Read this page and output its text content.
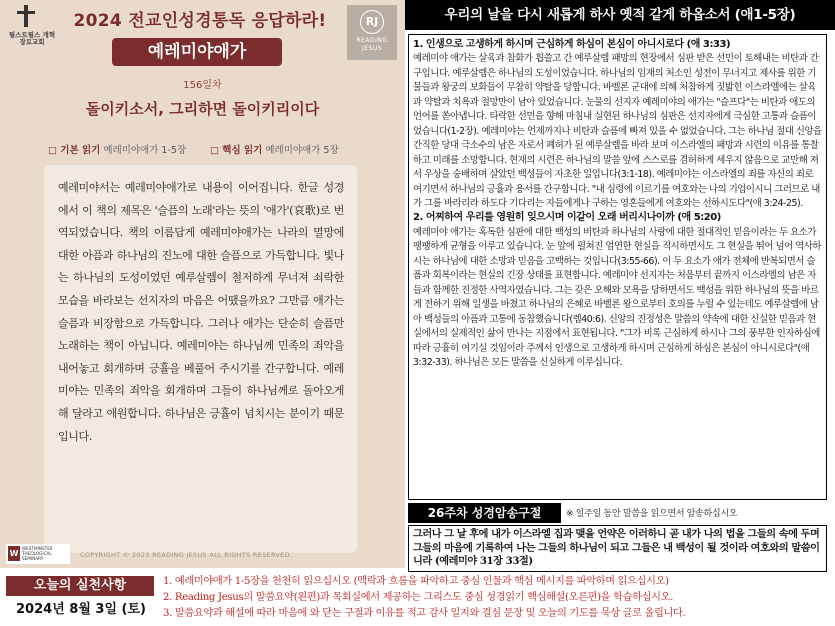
필스트필스 개혁장로교회
2024 전교인성경통독 응답하라!
예레미야애가
RJ
READING JESUS
156일차
돌이키소서, 그리하면 돌이키리이다
□ 기본 읽기 예레미야애가 1-5장	□ 핵심 읽기 예레미야애가 5장
예레미야서는 예레미야애가로 내용이 이어집니다. 한글 성경에서 이 책의 제목은 '슬픔의 노래'라는 뜻의 '애가'(哀歌)로 번역되었습니다. 책의 이름답게 예레미야애가는 나라의 멸망에 대한 아픔과 하나님의 진노에 대한 슬픔으로 가득합니다. 빛나는 하나님의 도성이었던 예루살렘이 철저하게 무너져 쇠락한 모습을 바라보는 선지자의 마음은 어땠을까요? 그만큼 애가는 슬픔과 비장함으로 가득합니다. 그러나 애가는 단순히 슬픔만 노래하는 책이 아닙니다. 예레미야는 하나님께 민족의 죄악을 내어놓고 회개하며 긍휼을 베풀어 주시기를 간구합니다. 예레미야는 민족의 죄악을 회개하며 그들이 하나님께로 돌아오게 해 달라고 애원합니다. 하나님은 긍휼이 넘치시는 분이기 때문입니다.
W
WESTMINSTER THEOLOGICAL SEMINARY	COPYRIGHT © 2023 READING JESUS ALL RIGHTS RESERVED.
우리의 날을 다시 새롭게 하사 옛적 같게 하옵소서 (애1-5장)

1. 인생으로 고생하게 하시며 근심하게 하심이 본심이 아니시로다 (애 3:33)
예레미야 애가는 살육과 참화가 휩쓸고 간 예루살렘 패망의 현장에서 심판 받은 선민이 토해내는 비탄과 간구입니다. 예루살렘은 하나님의 도성이었습니다. 하나님의 임재의 처소인 성전이 무너지고 제사를 위한 기물들과 왕궁의 보화들이 무참히 약탈을 당합니다. 바벨론 군대에 의해 처참하게 짓밟힌 이스라엘에는 살육과 약탈과 치욕과 절망만이 남아 있었습니다. 눈물의 선지자 예레미야의 애가는 "슬프다"는 비탄과 애도의 언어를 쏟아냅니다. 타락한 선민을 향해 마침내 실현된 하나님의 심판은 선지자에게 극심한 고통과 슬픔이었습니다(1-2장). 예레미야는 언제까지나 비탄과 슬픔에 빠져 있을 수 없었습니다. 그는 하나님 절대 신앙을 간직한 당대 극소수의 남은 자로서 폐허가 된 예루살렘을 바라 보며 이스라엘의 패망과 시련의 이유를 통찰하고 미래를 소망합니다. 현재의 시련은 하나님의 말씀 앞에 스스로를 겸허하게 세우지 않음으로 교만해 져서 우상을 숭배하며 살았던 백성들이 자초한 일입니다(3:1-18). 예레미야는 이스라엘의 죄를 자신의 죄로 여기면서 하나님의 긍휼과 용서를 간구합니다. "내 심령에 이르기를 여호와는 나의 기업이시니 그러므로 내가 그를 바라리라 하도다 기다리는 자들에게나 구하는 영혼들에게 여호와는 선하시도다"(애 3:24-25).

2. 어찌하여 우리를 영원히 잊으시며 이같이 오래 버리시나이까 (애 5:20)
예레미야 애가는 혹독한 심판에 대한 백성의 비탄과 하나님의 사랑에 대한 절대적인 믿음이라는 두 요소가 팽팽하게 균형을 이루고 있습니다. 눈 앞에 펼쳐진 엄연한 현실을 직시하면서도 그 현실을 뛰어 넘어 역사하시는 하나님에 대한 소망과 믿음을 고백하는 것입니다(3:55-66). 이 두 요소가 애가 전체에 반복되면서 슬픔과 회복이라는 현실의 긴장 상태를 표현합니다. 예레미야 선지자는 처음부터 끝까지 이스라엘의 남은 자들과 함께한 진정한 사역자였습니다. 그는 갖은 오해와 모욕을 당하면서도 백성을 위한 하나님의 뜻을 바르게 전하기 위해 일생을 바쳤고 하나님의 은혜로 바벨론 왕으로부터 호의를 누릴 수 있는데도 예루살렘에 남아 백성들의 아픔과 고통에 동참했습니다(렘40:6). 신앙의 진정성은 말씀의 약속에 대한 신실한 믿음과 현실에서의 실제적인 삶이 만나는 지점에서 표현됩니다. "그가 비록 근심하게 하시나 그의 풍부한 인자하심에 따라 긍휼히 여기실 것임이라 주께서 인생으로 고생하게 하시며 근심하게 하심은 본심이 아니시로다"(애3:32-33). 하나님은 모든 말씀을 신실하게 이루십니다.

26주차 성경암송구절	※ 일주일 동안 말씀을 읽으면서 암송하십시오
그러나 그 날 후에 내가 이스라엘 집과 맺을 언약은 이러하니 곧 내가 나의 법을 그들의 속에 두며 그들의 마음에 기록하여 나는 그들의 하나님이 되고 그들은 내 백성이 될 것이라 여호와의 말씀이니라 (예레미야 31장 33절)
오늘의 실천사항
2024년 8월 3일 (토)
1. 예레미야애가 1-5장을 천천히 읽으십시오 (맥락과 흐름을 파악하고 중심 인물과 핵심 메시지를 파악하며 읽으십시오)
2. Reading Jesus의 말씀요약(왼편)과 목회실에서 제공하는 그리스도 중심 성경읽기 핵심해설(오른편)을 학습하십시오.
3. 말씀요약과 해설에 따라 마음에 와 닫는 구절과 이유를 적고 감사 일지와 결심 문장 및 오늘의 기도를 묵상 글로 올립니다.
